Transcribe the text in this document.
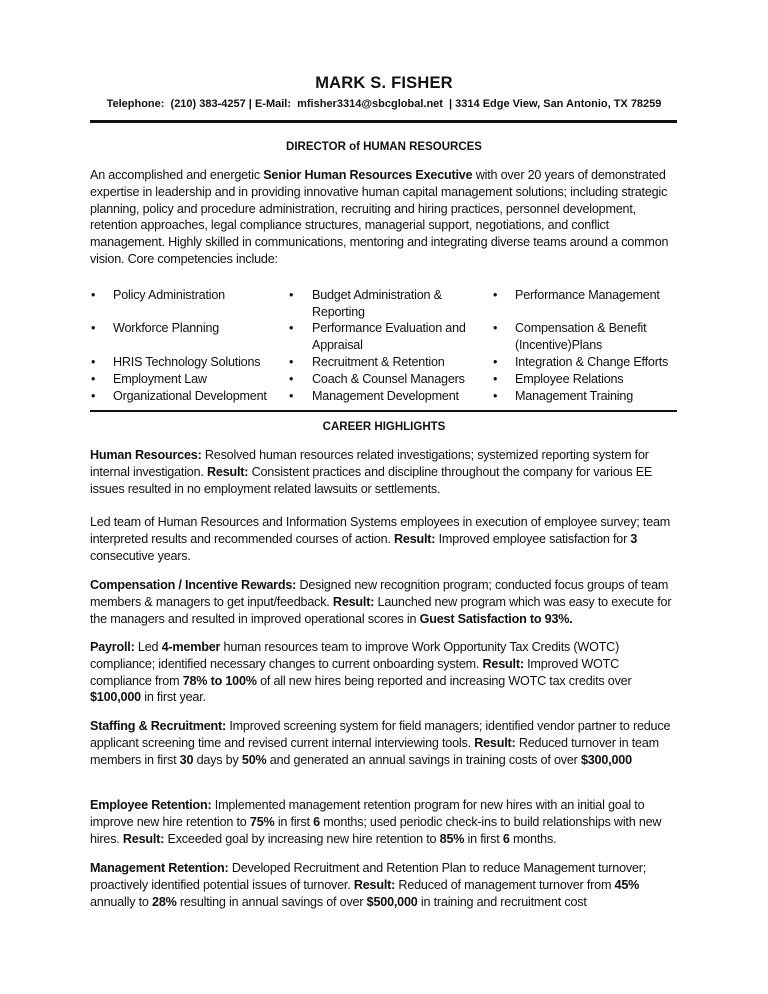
MARK S. FISHER
Telephone:  (210) 383-4257 | E-Mail:  mfisher3314@sbcglobal.net  | 3314 Edge View, San Antonio, TX 78259
DIRECTOR of HUMAN RESOURCES

An accomplished and energetic Senior Human Resources Executive with over 20 years of demonstrated expertise in leadership and in providing innovative human capital management solutions; including strategic planning, policy and procedure administration, recruiting and hiring practices, personnel development, retention approaches, legal compliance structures, managerial support, negotiations, and conflict management. Highly skilled in communications, mentoring and integrating diverse teams around a common vision. Core competencies include:

• Policy Administration
• Workforce Planning
• HRIS Technology Solutions
• Employment Law
• Organizational Development
• Budget Administration & Reporting
• Performance Evaluation and Appraisal
• Recruitment & Retention
• Coach & Counsel Managers
• Management Development
• Performance Management
• Compensation & Benefit (Incentive)Plans
• Integration & Change Efforts
• Employee Relations
• Management Training
CAREER HIGHLIGHTS

Human Resources: Resolved human resources related investigations; systemized reporting system for internal investigation. Result: Consistent practices and discipline throughout the company for various EE issues resulted in no employment related lawsuits or settlements.

Led team of Human Resources and Information Systems employees in execution of employee survey; team interpreted results and recommended courses of action. Result: Improved employee satisfaction for 3 consecutive years.

Compensation / Incentive Rewards: Designed new recognition program; conducted focus groups of team members & managers to get input/feedback. Result: Launched new program which was easy to execute for the managers and resulted in improved operational scores in Guest Satisfaction to 93%.

Payroll: Led 4-member human resources team to improve Work Opportunity Tax Credits (WOTC) compliance; identified necessary changes to current onboarding system. Result: Improved WOTC compliance from 78% to 100% of all new hires being reported and increasing WOTC tax credits over $100,000 in first year.

Staffing & Recruitment: Improved screening system for field managers; identified vendor partner to reduce applicant screening time and revised current internal interviewing tools. Result: Reduced turnover in team members in first 30 days by 50% and generated an annual savings in training costs of over $300,000

Employee Retention: Implemented management retention program for new hires with an initial goal to improve new hire retention to 75% in first 6 months; used periodic check-ins to build relationships with new hires. Result: Exceeded goal by increasing new hire retention to 85% in first 6 months.

Management Retention: Developed Recruitment and Retention Plan to reduce Management turnover; proactively identified potential issues of turnover. Result: Reduced of management turnover from 45% annually to 28% resulting in annual savings of over $500,000 in training and recruitment cost
